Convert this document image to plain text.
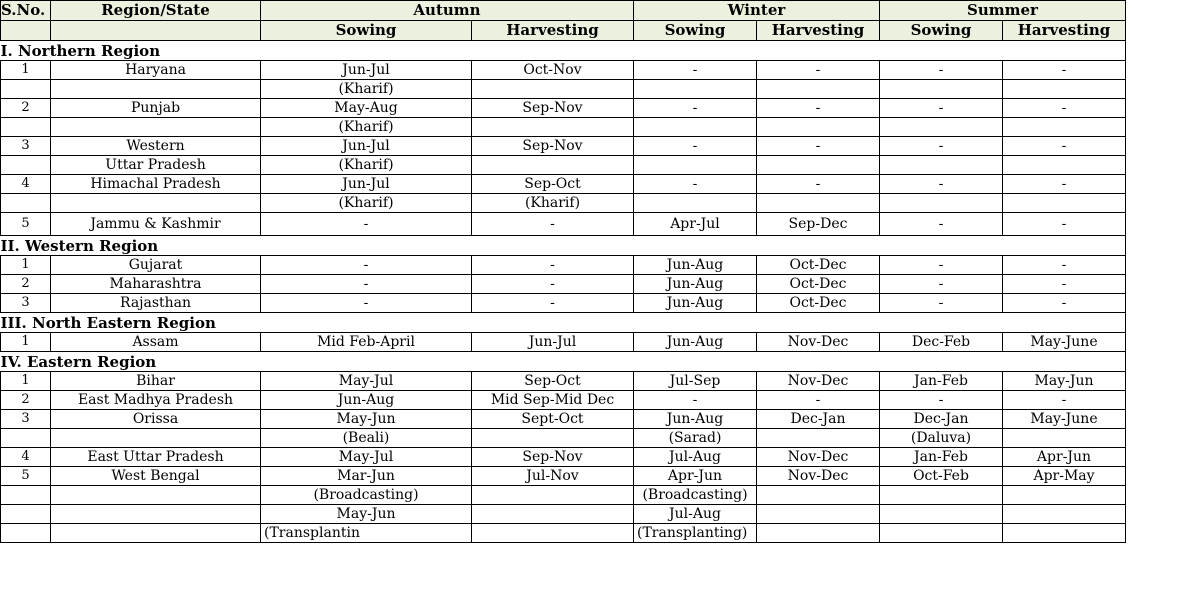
S.No.	Region/State	Autumn		Winter		Summer	
		Sowing	Harvesting	Sowing	Harvesting	Sowing	Harvesting
I. Northern Region							
1	Haryana	Jun-Jul	Oct-Nov	-	-	-	-
		(Kharif)					
2	Punjab	May-Aug	Sep-Nov	-	-	-	-
		(Kharif)					
3	Western	Jun-Jul	Sep-Nov	-	-	-	-
	Uttar Pradesh	(Kharif)					
4	Himachal Pradesh	Jun-Jul	Sep-Oct	-	-	-	-
		(Kharif)	(Kharif)				
5	Jammu & Kashmir	-	-	Apr-Jul	Sep-Dec	-	-
II. Western Region							
1	Gujarat	-	-	Jun-Aug	Oct-Dec	-	-
2	Maharashtra	-	-	Jun-Aug	Oct-Dec	-	-
3	Rajasthan	-	-	Jun-Aug	Oct-Dec	-	-
III. North Eastern Region							
1	Assam	Mid Feb-April	Jun-Jul	Jun-Aug	Nov-Dec	Dec-Feb	May-June
IV. Eastern Region							
1	Bihar	May-Jul	Sep-Oct	Jul-Sep	Nov-Dec	Jan-Feb	May-Jun
2	East Madhya Pradesh	Jun-Aug	Mid Sep-Mid Dec	-	-	-	-
3	Orissa	May-Jun	Sept-Oct	Jun-Aug	Dec-Jan	Dec-Jan	May-June
		(Beali)		(Sarad)		(Daluva)	
4	East Uttar Pradesh	May-Jul	Sep-Nov	Jul-Aug	Nov-Dec	Jan-Feb	Apr-Jun
5	West Bengal	Mar-Jun	Jul-Nov	Apr-Jun	Nov-Dec	Oct-Feb	Apr-May
		(Broadcasting)		(Broadcasting)			
		May-Jun		Jul-Aug			
		(Transplantin		(Transplanting)			
